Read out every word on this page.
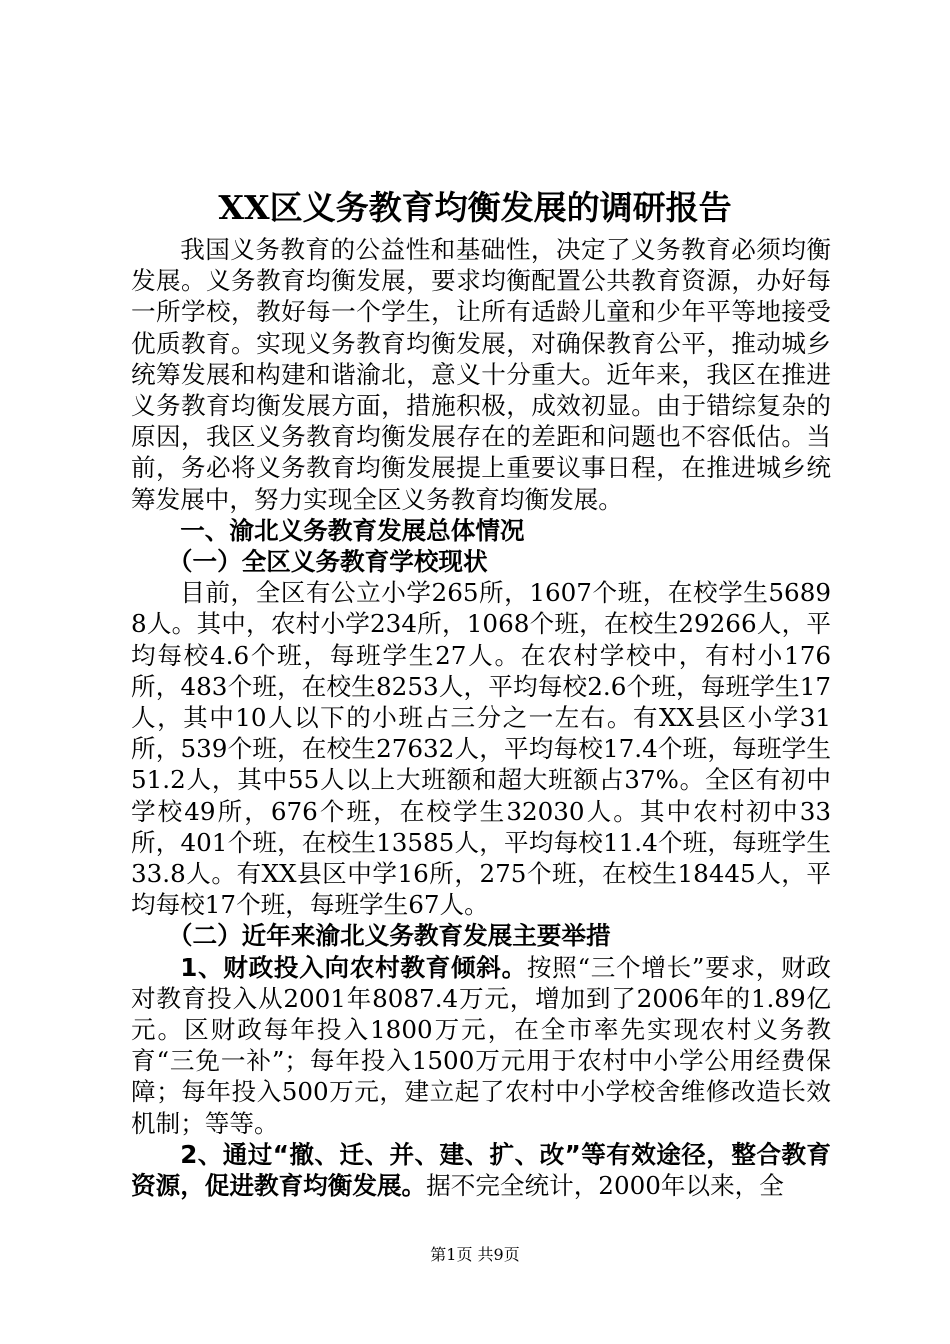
XX区义务教育均衡发展的调研报告

我国义务教育的公益性和基础性，决定了义务教育必须均衡发展。义务教育均衡发展，要求均衡配置公共教育资源，办好每一所学校，教好每一个学生，让所有适龄儿童和少年平等地接受优质教育。实现义务教育均衡发展，对确保教育公平，推动城乡统筹发展和构建和谐渝北，意义十分重大。近年来，我区在推进义务教育均衡发展方面，措施积极，成效初显。由于错综复杂的原因，我区义务教育均衡发展存在的差距和问题也不容低估。当前，务必将义务教育均衡发展提上重要议事日程，在推进城乡统筹发展中，努力实现全区义务教育均衡发展。

一、渝北义务教育发展总体情况

（一）全区义务教育学校现状

目前，全区有公立小学265所，1607个班，在校学生56898人。其中，农村小学234所，1068个班，在校生29266人，平均每校4.6个班，每班学生27人。在农村学校中，有村小176所，483个班，在校生8253人，平均每校2.6个班，每班学生17人，其中10人以下的小班占三分之一左右。有XX县区小学31所，539个班，在校生27632人，平均每校17.4个班，每班学生51.2人，其中55人以上大班额和超大班额占37%。全区有初中学校49所，676个班，在校学生32030人。其中农村初中33所，401个班，在校生13585人，平均每校11.4个班，每班学生33.8人。有XX县区中学16所，275个班，在校生18445人，平均每校17个班，每班学生67人。

（二）近年来渝北义务教育发展主要举措

1、财政投入向农村教育倾斜。按照“三个增长”要求，财政对教育投入从2001年8087.4万元，增加到了2006年的1.89亿元。区财政每年投入1800万元，在全市率先实现农村义务教育“三免一补”；每年投入1500万元用于农村中小学公用经费保障；每年投入500万元，建立起了农村中小学校舍维修改造长效机制；等等。

2、通过“撤、迁、并、建、扩、改”等有效途径，整合教育资源，促进教育均衡发展。据不完全统计，2000年以来，全

第1页 共9页
